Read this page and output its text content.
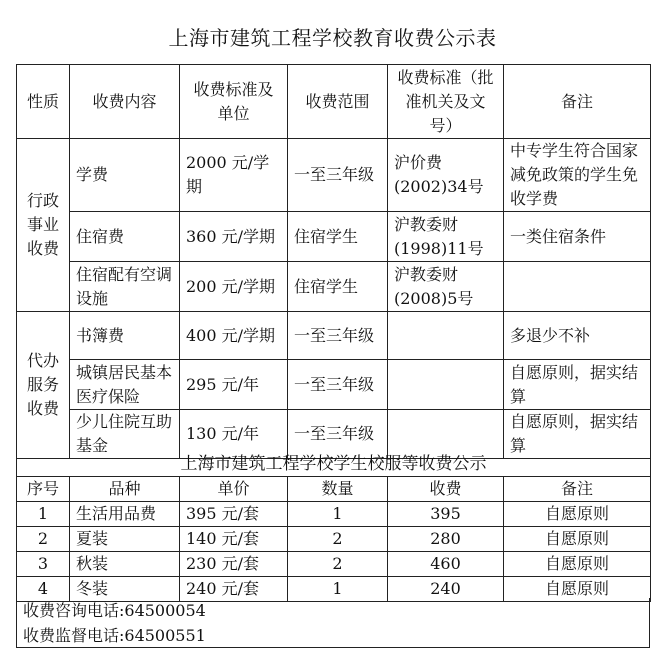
上海市建筑工程学校教育收费公示表
性质	收费内容	收费标准及单位	收费范围	收费标准（批准机关及文号）	备注
行政事业收费	学费	2000 元/学期	一至三年级	沪价费(2002)34号	中专学生符合国家减免政策的学生免收学费
	住宿费	360 元/学期	住宿学生	沪教委财(1998)11号	一类住宿条件
	住宿配有空调设施	200 元/学期	住宿学生	沪教委财(2008)5号	
代办服务收费	书簿费	400 元/学期	一至三年级		多退少不补
	城镇居民基本医疗保险	295 元/年	一至三年级		自愿原则，据实结算
	少儿住院互助基金	130 元/年	一至三年级		自愿原则，据实结算
上海市建筑工程学校学生校服等收费公示					
序号	品种	单价	数量	收费	备注
1	生活用品费	395 元/套	1	395	自愿原则
2	夏装	140 元/套	2	280	自愿原则
3	秋装	230 元/套	2	460	自愿原则
4	冬装	240 元/套	1	240	自愿原则
收费咨询电话:64500054
收费监督电话:64500551
